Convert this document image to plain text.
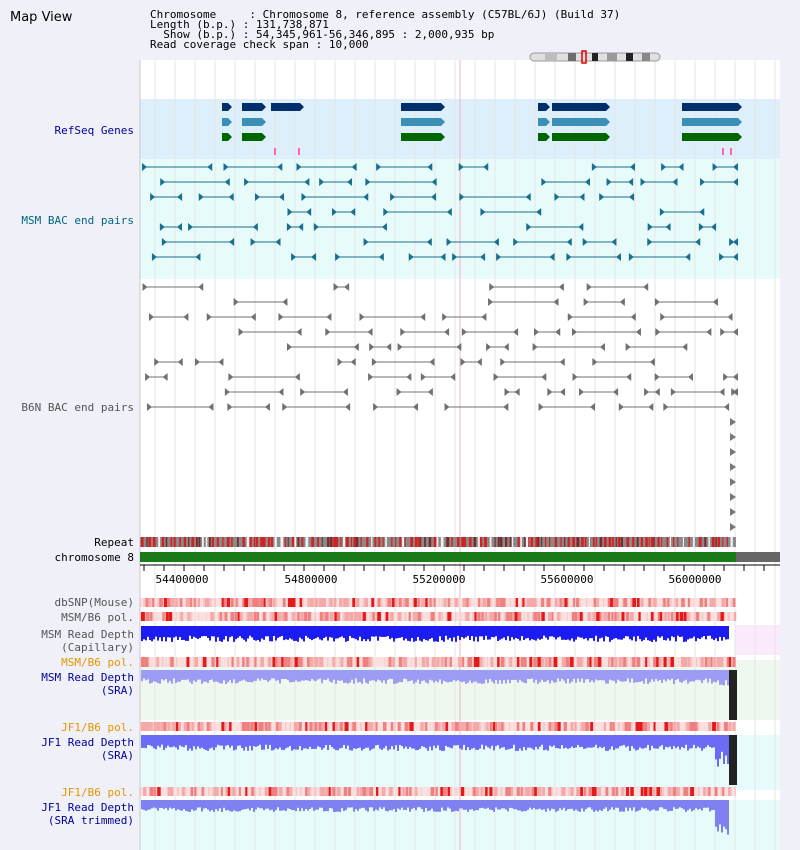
Map View	Chromosome     : Chromosome 8, reference assembly (C57BL/6J) (Build 37)
Length (b.p.) : 131,738,871
Show (b.p.) : 54,345,961-56,346,895 : 2,000,935 bp
Read coverage check span : 10,000
54400000	54800000	55200000	55600000	56000000
RefSeq Genes
MSM BAC end pairs
B6N BAC end pairs
Repeat
chromosome 8
dbSNP(Mouse)
MSM/B6 pol.
MSM Read Depth
(Capillary)
MSM/B6 pol.
MSM Read Depth
(SRA)
JF1/B6 pol.
JF1 Read Depth
(SRA)
JF1/B6 pol.
JF1 Read Depth
(SRA trimmed)
